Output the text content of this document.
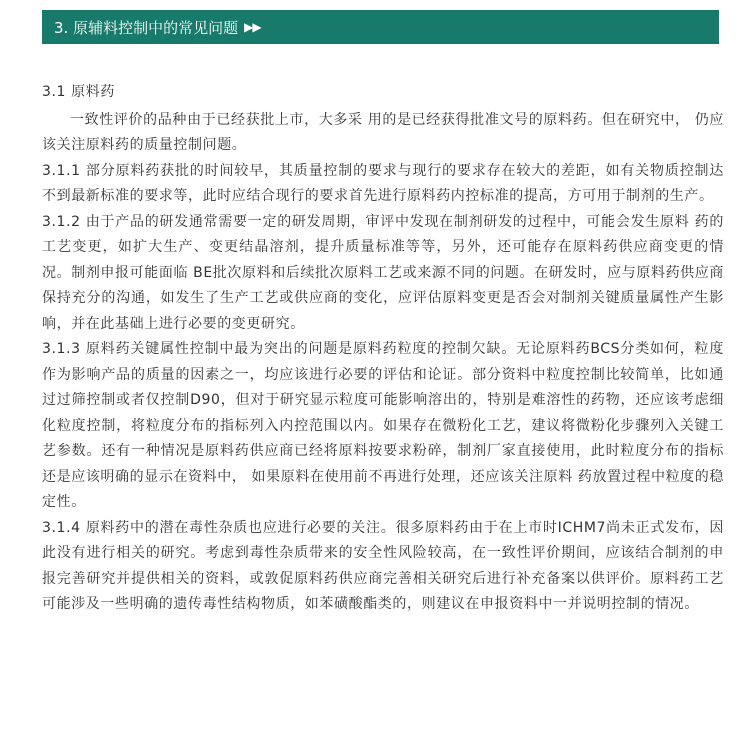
3. 原辅料控制中的常见问题 ▶▶

3.1 原料药

一致性评价的品种由于已经获批上市，大多采 用的是已经获得批准文号的原料药。但在研究中， 仍应该关注原料药的质量控制问题。

3.1.1 部分原料药获批的时间较早，其质量控制的要求与现行的要求存在较大的差距，如有关物质控制达不到最新标准的要求等，此时应结合现行的要求首先进行原料药内控标准的提高，方可用于制剂的生产。

3.1.2 由于产品的研发通常需要一定的研发周期，审评中发现在制剂研发的过程中，可能会发生原料 药的工艺变更，如扩大生产、变更结晶溶剂，提升质量标准等等，另外，还可能存在原料药供应商变更的情况。制剂申报可能面临 BE批次原料和后续批次原料工艺或来源不同的问题。在研发时，应与原料药供应商保持充分的沟通，如发生了生产工艺或供应商的变化，应评估原料变更是否会对制剂关键质量属性产生影响，并在此基础上进行必要的变更研究。

3.1.3 原料药关键属性控制中最为突出的问题是原料药粒度的控制欠缺。无论原料药BCS分类如何，粒度作为影响产品的质量的因素之一，均应该进行必要的评估和论证。部分资料中粒度控制比较简单，比如通过过筛控制或者仅控制D90，但对于研究显示粒度可能影响溶出的，特别是难溶性的药物，还应该考虑细化粒度控制，将粒度分布的指标列入内控范围以内。如果存在微粉化工艺，建议将微粉化步骤列入关键工艺参数。还有一种情况是原料药供应商已经将原料按要求粉碎，制剂厂家直接使用，此时粒度分布的指标还是应该明确的显示在资料中， 如果原料在使用前不再进行处理，还应该关注原料 药放置过程中粒度的稳定性。

3.1.4 原料药中的潜在毒性杂质也应进行必要的关注。很多原料药由于在上市时ICHM7尚未正式发布，因此没有进行相关的研究。考虑到毒性杂质带来的安全性风险较高，在一致性评价期间，应该结合制剂的申报完善研究并提供相关的资料，或敦促原料药供应商完善相关研究后进行补充备案以供评价。原料药工艺可能涉及一些明确的遗传毒性结构物质，如苯磺酸酯类的，则建议在申报资料中一并说明控制的情况。
